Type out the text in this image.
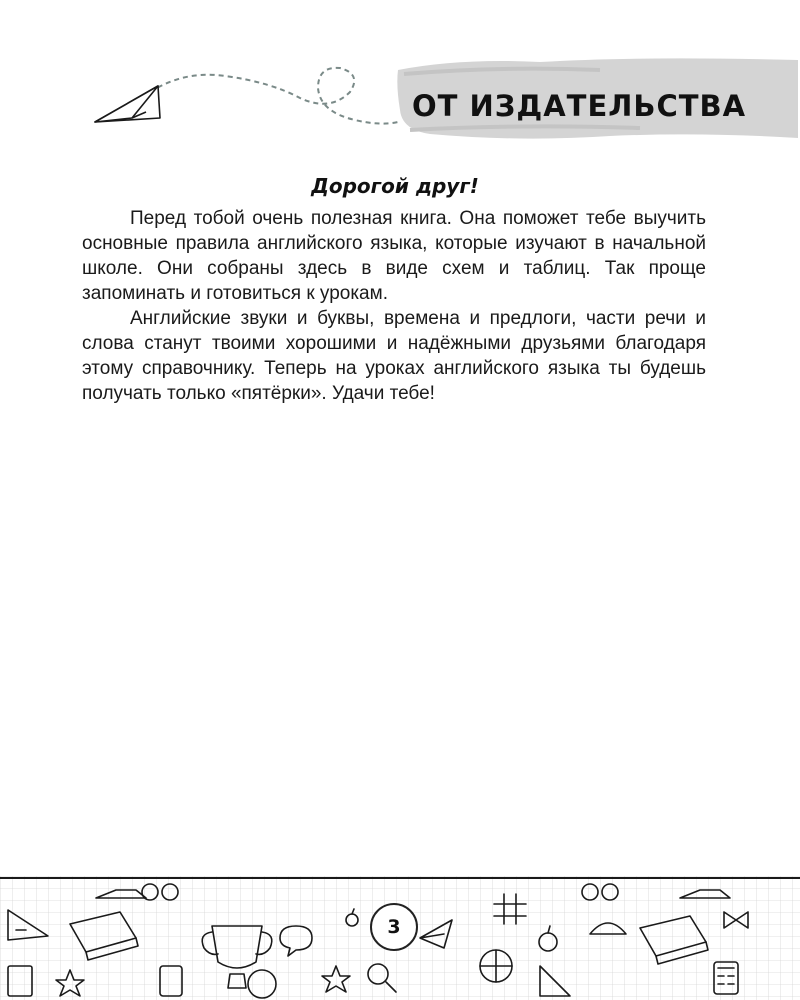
ОТ ИЗДАТЕЛЬСТВА
Дорогой друг!

Перед тобой очень полезная книга. Она поможет тебе выучить основные правила английского языка, которые изучают в начальной школе. Они собраны здесь в виде схем и таблиц. Так проще запоминать и готовиться к урокам.

Английские звуки и буквы, времена и предлоги, части речи и слова станут твоими хорошими и надёжными друзьями благодаря этому справочнику. Теперь на уроках английского языка ты будешь получать только «пятёрки». Удачи тебе!

3
